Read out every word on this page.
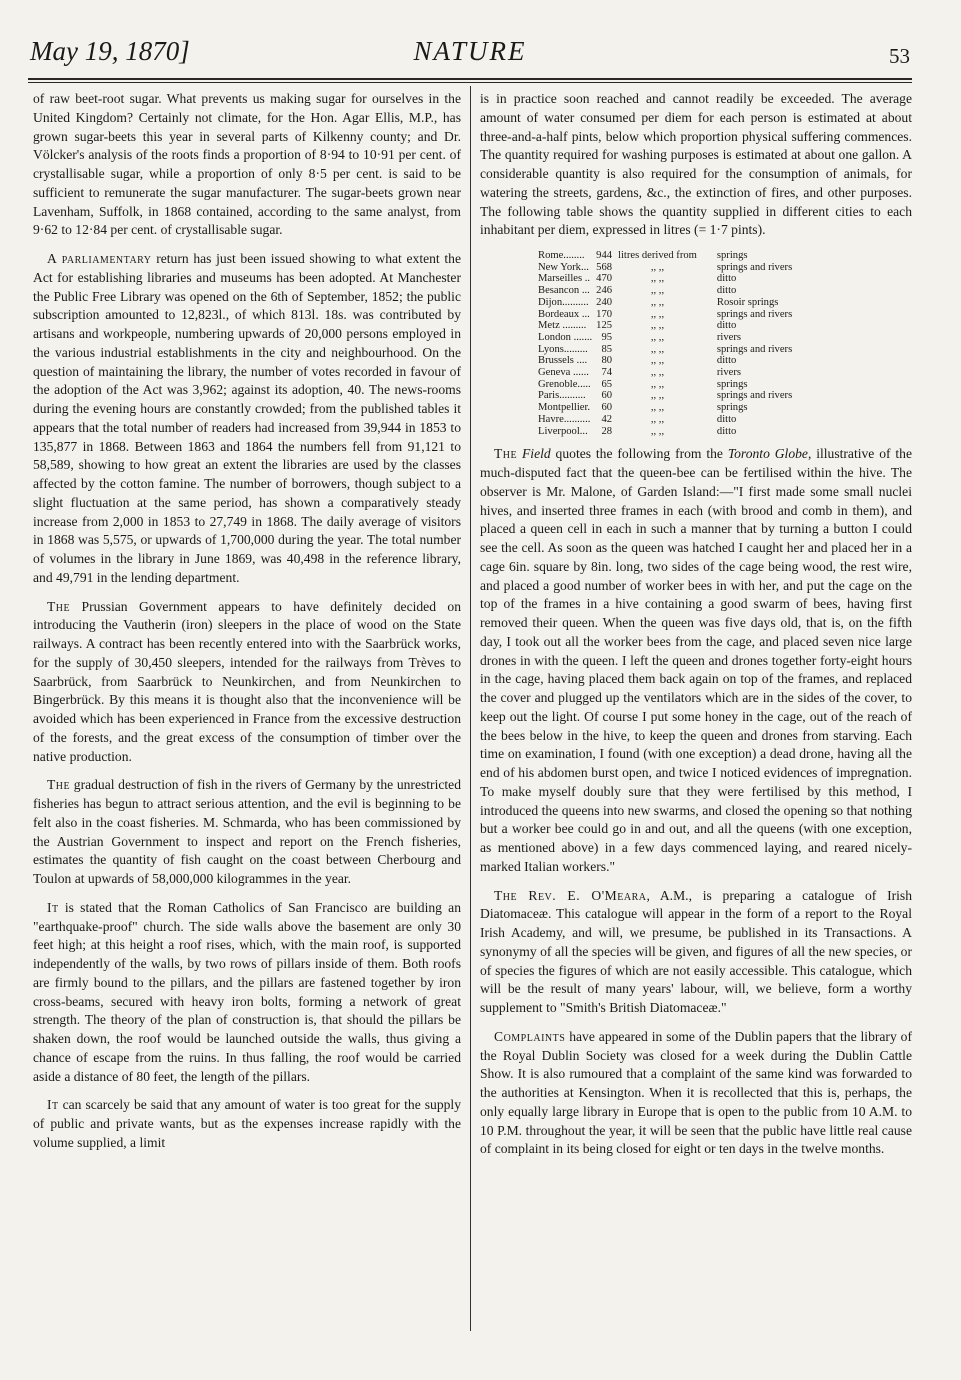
May 19, 1870]	NATURE	53

of raw beet-root sugar. What prevents us making sugar for ourselves in the United Kingdom? Certainly not climate, for the Hon. Agar Ellis, M.P., has grown sugar-beets this year in several parts of Kilkenny county; and Dr. Völcker's analysis of the roots finds a proportion of 8·94 to 10·91 per cent. of crystallisable sugar, while a proportion of only 8·5 per cent. is said to be sufficient to remunerate the sugar manufacturer. The sugar-beets grown near Lavenham, Suffolk, in 1868 contained, according to the same analyst, from 9·62 to 12·84 per cent. of crystallisable sugar.

A parliamentary return has just been issued showing to what extent the Act for establishing libraries and museums has been adopted. At Manchester the Public Free Library was opened on the 6th of September, 1852; the public subscription amounted to 12,823l., of which 813l. 18s. was contributed by artisans and workpeople, numbering upwards of 20,000 persons employed in the various industrial establishments in the city and neighbourhood. On the question of maintaining the library, the number of votes recorded in favour of the adoption of the Act was 3,962; against its adoption, 40. The news-rooms during the evening hours are constantly crowded; from the published tables it appears that the total number of readers had increased from 39,944 in 1853 to 135,877 in 1868. Between 1863 and 1864 the numbers fell from 91,121 to 58,589, showing to how great an extent the libraries are used by the classes affected by the cotton famine. The number of borrowers, though subject to a slight fluctuation at the same period, has shown a comparatively steady increase from 2,000 in 1853 to 27,749 in 1868. The daily average of visitors in 1868 was 5,575, or upwards of 1,700,000 during the year. The total number of volumes in the library in June 1869, was 40,498 in the reference library, and 49,791 in the lending department.

The Prussian Government appears to have definitely decided on introducing the Vautherin (iron) sleepers in the place of wood on the State railways. A contract has been recently entered into with the Saarbrück works, for the supply of 30,450 sleepers, intended for the railways from Trèves to Saarbrück, from Saarbrück to Neunkirchen, and from Neunkirchen to Bingerbrück. By this means it is thought also that the inconvenience will be avoided which has been experienced in France from the excessive destruction of the forests, and the great excess of the consumption of timber over the native production.

The gradual destruction of fish in the rivers of Germany by the unrestricted fisheries has begun to attract serious attention, and the evil is beginning to be felt also in the coast fisheries. M. Schmarda, who has been commissioned by the Austrian Government to inspect and report on the French fisheries, estimates the quantity of fish caught on the coast between Cherbourg and Toulon at upwards of 58,000,000 kilogrammes in the year.

It is stated that the Roman Catholics of San Francisco are building an "earthquake-proof" church. The side walls above the basement are only 30 feet high; at this height a roof rises, which, with the main roof, is supported independently of the walls, by two rows of pillars inside of them. Both roofs are firmly bound to the pillars, and the pillars are fastened together by iron cross-beams, secured with heavy iron bolts, forming a network of great strength. The theory of the plan of construction is, that should the pillars be shaken down, the roof would be launched outside the walls, thus giving a chance of escape from the ruins. In thus falling, the roof would be carried aside a distance of 80 feet, the length of the pillars.

It can scarcely be said that any amount of water is too great for the supply of public and private wants, but as the expenses increase rapidly with the volume supplied, a limit

is in practice soon reached and cannot readily be exceeded. The average amount of water consumed per diem for each person is estimated at about three-and-a-half pints, below which proportion physical suffering commences. The quantity required for washing purposes is estimated at about one gallon. A considerable quantity is also required for the consumption of animals, for watering the streets, gardens, &c., the extinction of fires, and other purposes. The following table shows the quantity supplied in different cities to each inhabitant per diem, expressed in litres (= 1·7 pints).

Rome........	944	litres derived from	springs
New York...	568	,, ,,	springs and rivers
Marseilles ..	470	,, ,,	ditto
Besancon ...	246	,, ,,	ditto
Dijon..........	240	,, ,,	Rosoir springs
Bordeaux ...	170	,, ,,	springs and rivers
Metz .........	125	,, ,,	ditto
London .......	95	,, ,,	rivers
Lyons.........	85	,, ,,	springs and rivers
Brussels ....	80	,, ,,	ditto
Geneva ......	74	,, ,,	rivers
Grenoble.....	65	,, ,,	springs
Paris..........	60	,, ,,	springs and rivers
Montpellier.	60	,, ,,	springs
Havre..........	42	,, ,,	ditto
Liverpool...	28	,, ,,	ditto

The Field quotes the following from the Toronto Globe, illustrative of the much-disputed fact that the queen-bee can be fertilised within the hive. The observer is Mr. Malone, of Garden Island:—"I first made some small nuclei hives, and inserted three frames in each (with brood and comb in them), and placed a queen cell in each in such a manner that by turning a button I could see the cell. As soon as the queen was hatched I caught her and placed her in a cage 6in. square by 8in. long, two sides of the cage being wood, the rest wire, and placed a good number of worker bees in with her, and put the cage on the top of the frames in a hive containing a good swarm of bees, having first removed their queen. When the queen was five days old, that is, on the fifth day, I took out all the worker bees from the cage, and placed seven nice large drones in with the queen. I left the queen and drones together forty-eight hours in the cage, having placed them back again on top of the frames, and replaced the cover and plugged up the ventilators which are in the sides of the cover, to keep out the light. Of course I put some honey in the cage, out of the reach of the bees below in the hive, to keep the queen and drones from starving. Each time on examination, I found (with one exception) a dead drone, having all the end of his abdomen burst open, and twice I noticed evidences of impregnation. To make myself doubly sure that they were fertilised by this method, I introduced the queens into new swarms, and closed the opening so that nothing but a worker bee could go in and out, and all the queens (with one exception, as mentioned above) in a few days commenced laying, and reared nicely-marked Italian workers."

The Rev. E. O'Meara, A.M., is preparing a catalogue of Irish Diatomaceæ. This catalogue will appear in the form of a report to the Royal Irish Academy, and will, we presume, be published in its Transactions. A synonymy of all the species will be given, and figures of all the new species, or of species the figures of which are not easily accessible. This catalogue, which will be the result of many years' labour, will, we believe, form a worthy supplement to "Smith's British Diatomaceæ."

Complaints have appeared in some of the Dublin papers that the library of the Royal Dublin Society was closed for a week during the Dublin Cattle Show. It is also rumoured that a complaint of the same kind was forwarded to the authorities at Kensington. When it is recollected that this is, perhaps, the only equally large library in Europe that is open to the public from 10 A.M. to 10 P.M. throughout the year, it will be seen that the public have little real cause of complaint in its being closed for eight or ten days in the twelve months.
